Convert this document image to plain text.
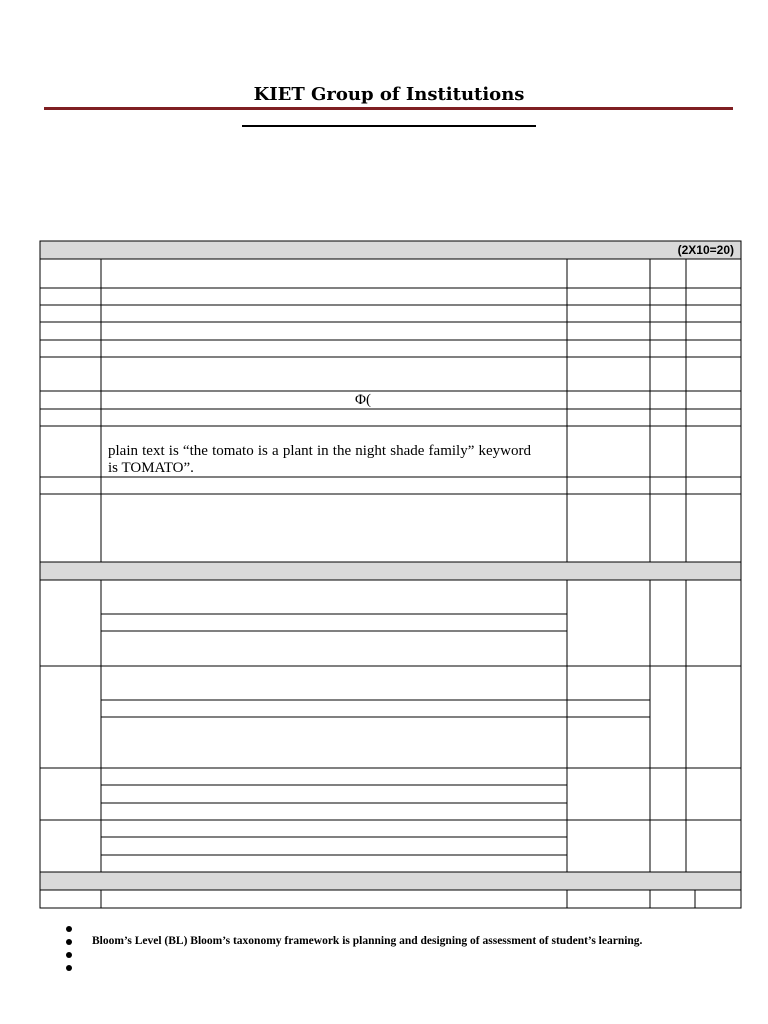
KIET Group of Institutions
(2X10=20)
Φ(
plain text is “the tomato is a plant in the night shade family” keyword is TOMATO”.
Bloom’s Level (BL) Bloom’s taxonomy framework is planning and designing of assessment of student’s learning.
